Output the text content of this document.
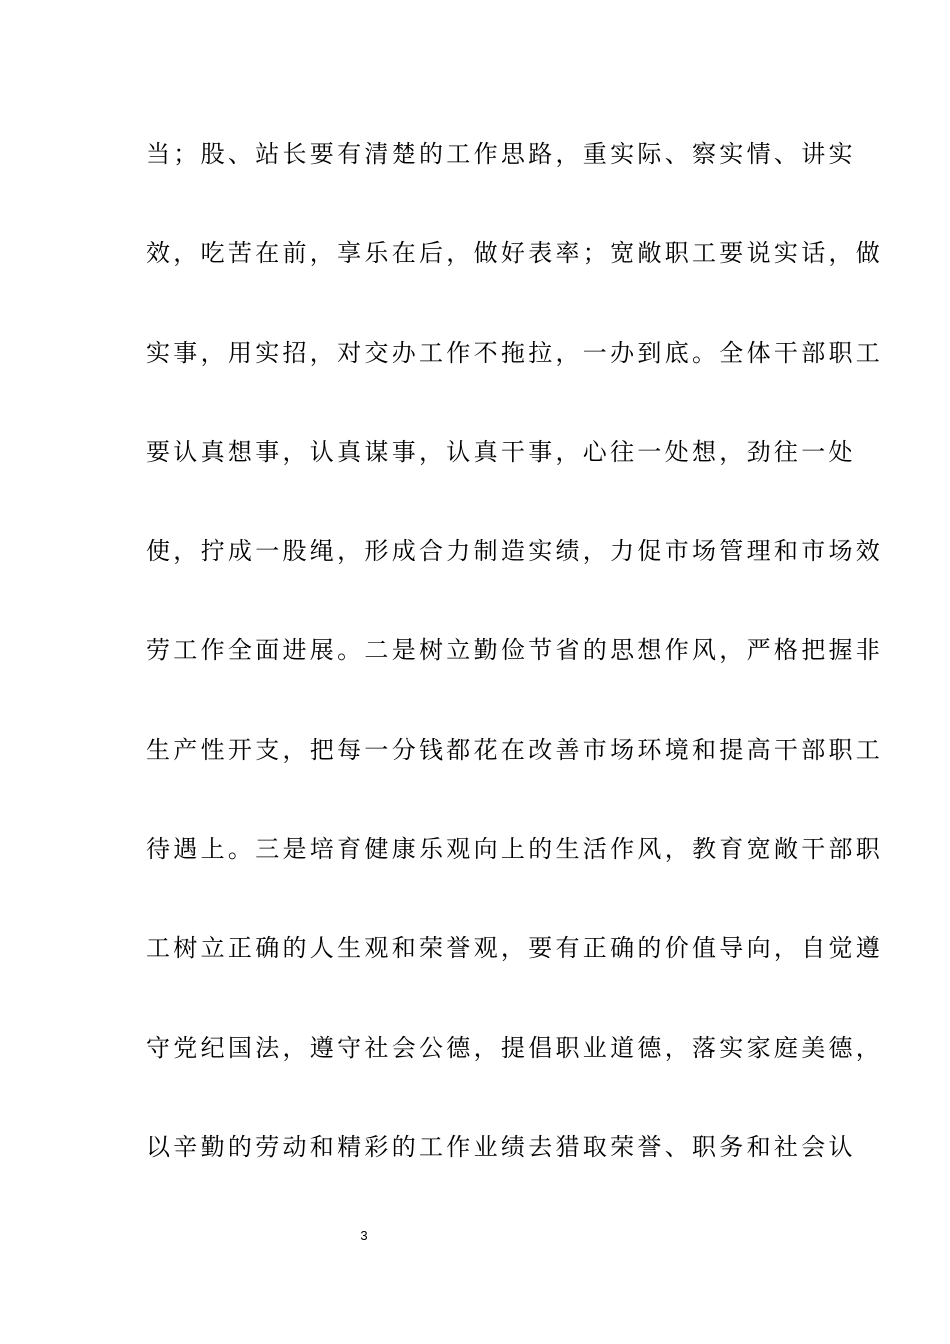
当；股、站长要有清楚的工作思路，重实际、察实情、讲实
效，吃苦在前，享乐在后，做好表率；宽敞职工要说实话，做
实事，用实招，对交办工作不拖拉，一办到底。全体干部职工
要认真想事，认真谋事，认真干事，心往一处想，劲往一处
使，拧成一股绳，形成合力制造实绩，力促市场管理和市场效
劳工作全面进展。二是树立勤俭节省的思想作风，严格把握非
生产性开支，把每一分钱都花在改善市场环境和提高干部职工
待遇上。三是培育健康乐观向上的生活作风，教育宽敞干部职
工树立正确的人生观和荣誉观，要有正确的价值导向，自觉遵
守党纪国法，遵守社会公德，提倡职业道德，落实家庭美德，
以辛勤的劳动和精彩的工作业绩去猎取荣誉、职务和社会认
3
